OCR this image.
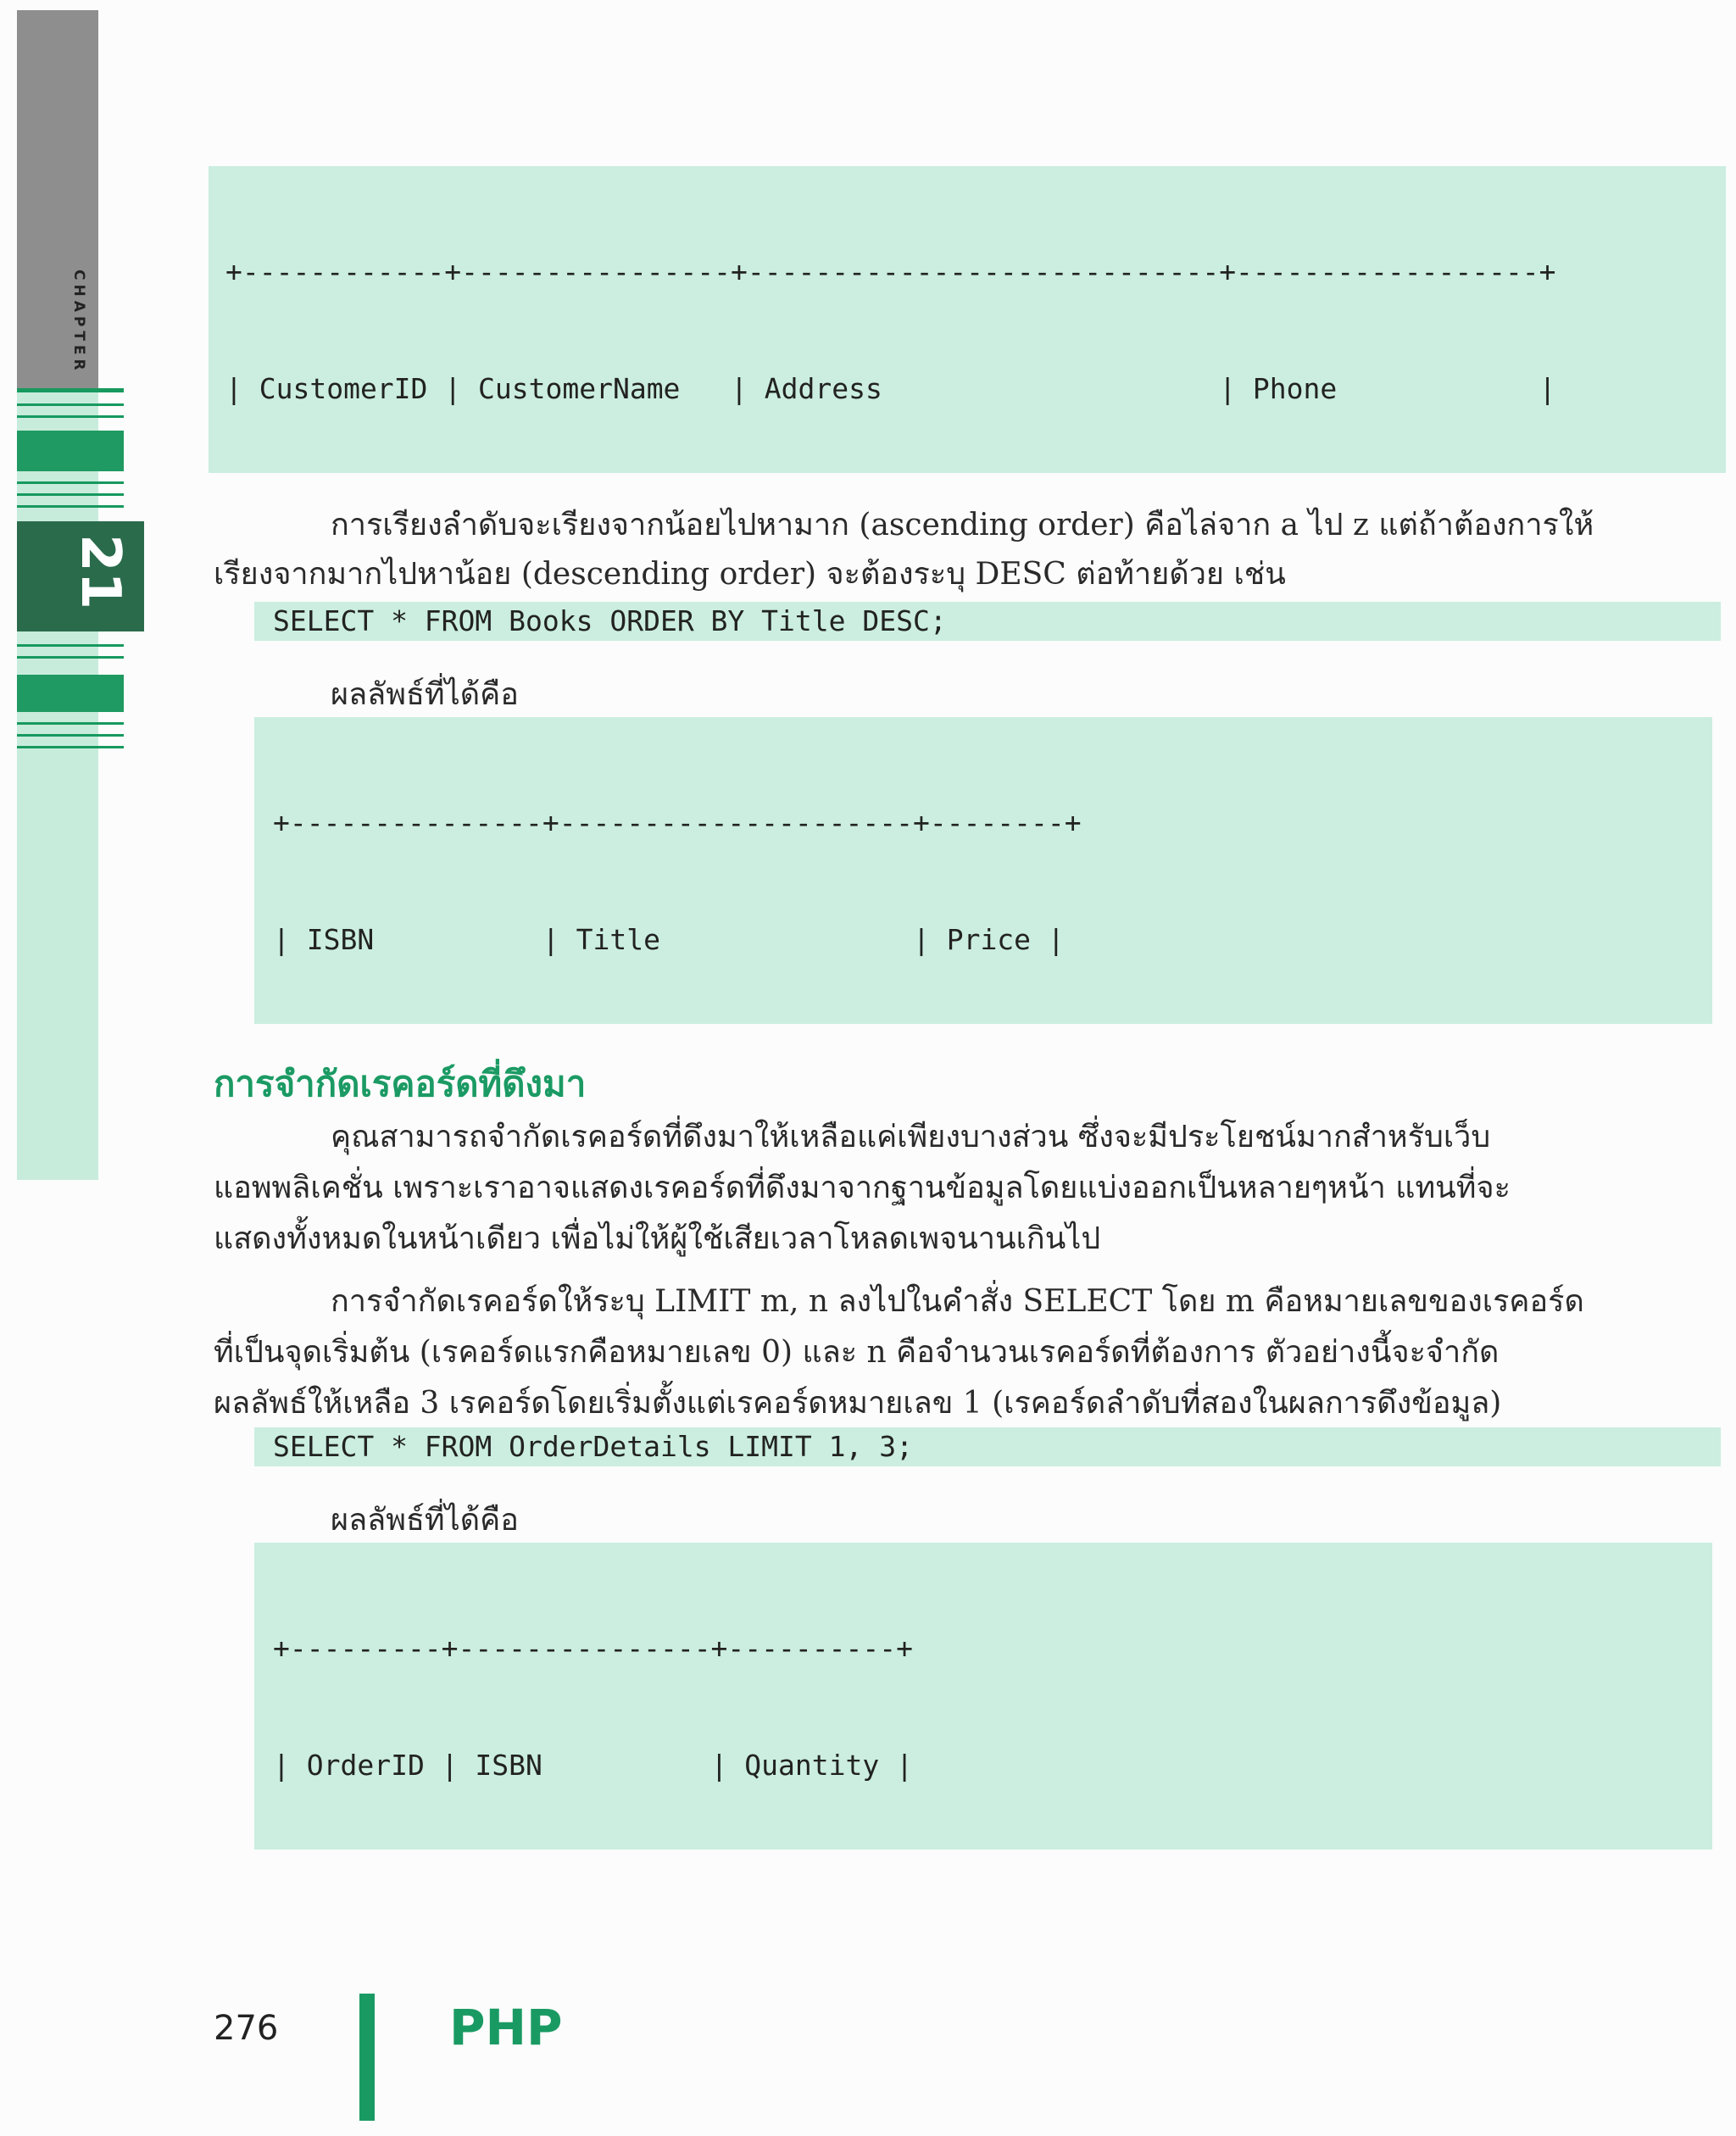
CHAPTER
21

+------------+----------------+----------------------------+------------------+

| CustomerID | CustomerName   | Address                    | Phone            |

การเรียงลำดับจะเรียงจากน้อยไปหามาก (ascending order) คือไล่จาก a ไป z แต่ถ้าต้องการให้
เรียงจากมากไปหาน้อย (descending order) จะต้องระบุ DESC ต่อท้ายด้วย เช่น
SELECT * FROM Books ORDER BY Title DESC;
ผลลัพธ์ที่ได้คือ

+---------------+---------------------+--------+

| ISBN          | Title               | Price |

การจำกัดเรคอร์ดที่ดึงมา
คุณสามารถจำกัดเรคอร์ดที่ดึงมาให้เหลือแค่เพียงบางส่วน ซึ่งจะมีประโยชน์มากสำหรับเว็บ
แอพพลิเคชั่น เพราะเราอาจแสดงเรคอร์ดที่ดึงมาจากฐานข้อมูลโดยแบ่งออกเป็นหลายๆหน้า แทนที่จะ
แสดงทั้งหมดในหน้าเดียว เพื่อไม่ให้ผู้ใช้เสียเวลาโหลดเพจนานเกินไป
การจำกัดเรคอร์ดให้ระบุ LIMIT m, n ลงไปในคำสั่ง SELECT โดย m คือหมายเลขของเรคอร์ด
ที่เป็นจุดเริ่มต้น (เรคอร์ดแรกคือหมายเลข 0) และ n คือจำนวนเรคอร์ดที่ต้องการ ตัวอย่างนี้จะจำกัด
ผลลัพธ์ให้เหลือ 3 เรคอร์ดโดยเริ่มตั้งแต่เรคอร์ดหมายเลข 1 (เรคอร์ดลำดับที่สองในผลการดึงข้อมูล)
SELECT * FROM OrderDetails LIMIT 1, 3;
ผลลัพธ์ที่ได้คือ

+---------+---------------+----------+

| OrderID | ISBN          | Quantity |

276	PHP
